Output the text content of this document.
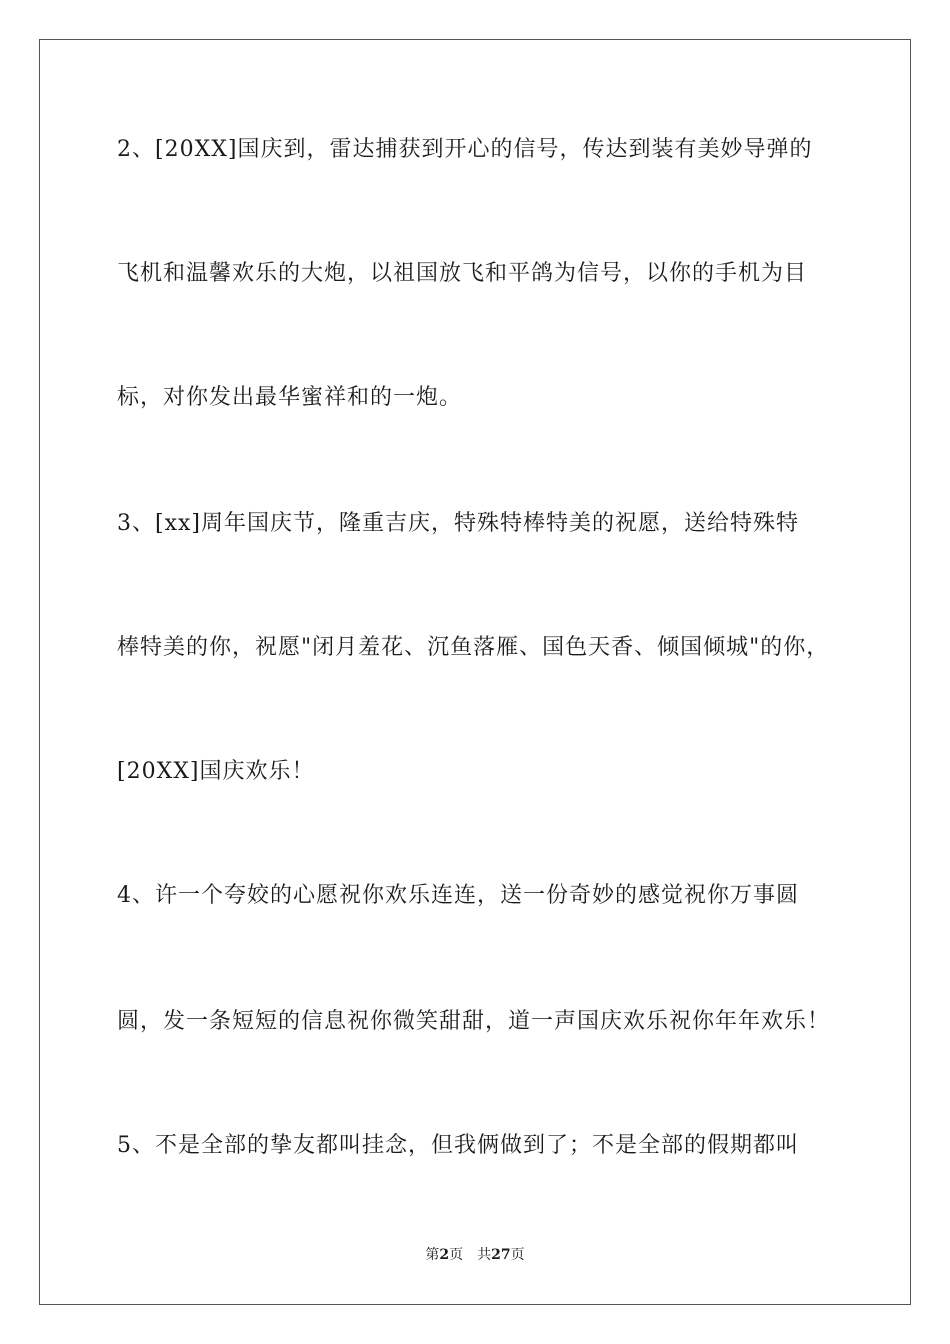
2、[20XX]国庆到，雷达捕获到开心的信号，传达到装有美妙导弹的
飞机和温馨欢乐的大炮，以祖国放飞和平鸽为信号，以你的手机为目
标，对你发出最华蜜祥和的一炮。
3、[xx]周年国庆节，隆重吉庆，特殊特棒特美的祝愿，送给特殊特
棒特美的你，祝愿"闭月羞花、沉鱼落雁、国色天香、倾国倾城"的你，
[20XX]国庆欢乐！
4、许一个夸姣的心愿祝你欢乐连连，送一份奇妙的感觉祝你万事圆
圆，发一条短短的信息祝你微笑甜甜，道一声国庆欢乐祝你年年欢乐！
5、不是全部的挚友都叫挂念，但我俩做到了；不是全部的假期都叫
第2页 共27页
